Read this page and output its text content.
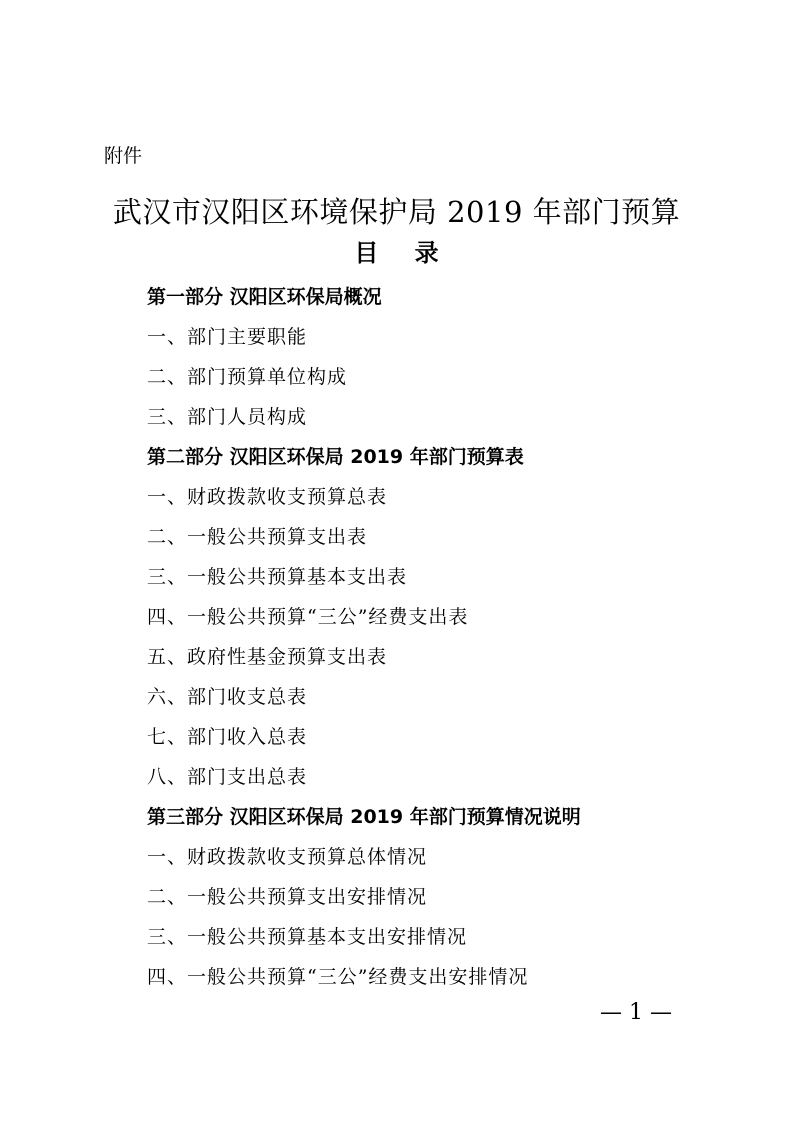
附件
武汉市汉阳区环境保护局 2019 年部门预算
目 录
第一部分 汉阳区环保局概况
一、部门主要职能
二、部门预算单位构成
三、部门人员构成
第二部分 汉阳区环保局 2019 年部门预算表
一、财政拨款收支预算总表
二、一般公共预算支出表
三、一般公共预算基本支出表
四、一般公共预算“三公”经费支出表
五、政府性基金预算支出表
六、部门收支总表
七、部门收入总表
八、部门支出总表
第三部分 汉阳区环保局 2019 年部门预算情况说明
一、财政拨款收支预算总体情况
二、一般公共预算支出安排情况
三、一般公共预算基本支出安排情况
四、一般公共预算“三公”经费支出安排情况
— 1 —
